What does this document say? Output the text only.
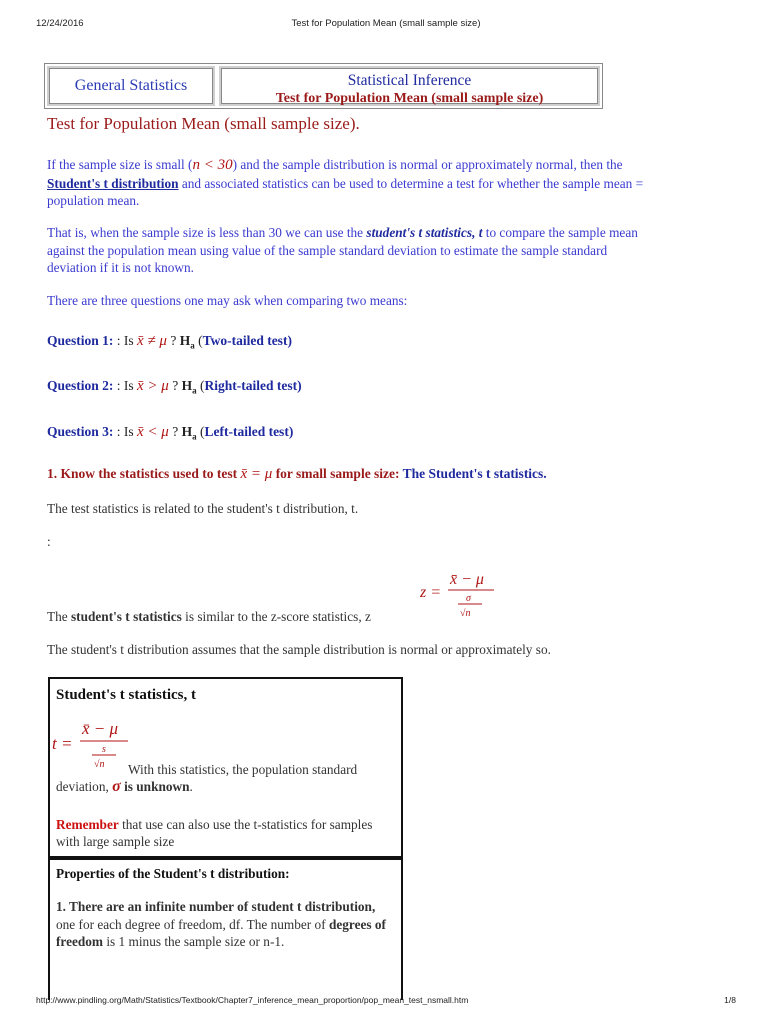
12/24/2016	Test for Population Mean (small sample size)
General Statistics	Statistical Inference
Test for Population Mean (small sample size)
Test for Population Mean (small sample size).
If the sample size is small (n < 30) and the sample distribution is normal or approximately normal, then the Student's t distribution and associated statistics can be used to determine a test for whether the sample mean = population mean.
That is, when the sample size is less than 30 we can use the student's t statistics, t to compare the sample mean against the population mean using value of the sample standard deviation to estimate the sample standard deviation if it is not known.
There are three questions one may ask when comparing two means:
Question 1: : Is x̄ ≠ μ ? $H_a$ (Two-tailed test)
Question 2: : Is x̄ > μ ? $H_a$ (Right-tailed test)
Question 3: : Is x̄ < μ ? $H_a$ (Left-tailed test)
1. Know the statistics used to test x̄ = μ for small sample size: The Student's t statistics.
The test statistics is related to the student's t distribution, t.
:
z =
x̄ − μ
σ
√n
The student's t statistics is similar to the z-score statistics, z
The student's t distribution assumes that the sample distribution is normal or approximately so.
Student's t statistics, t
t =
x̄ − μ
s
√n	With this statistics, the population standard deviation, σ is unknown.
Remember that use can also use the t-statistics for samples with large sample size
Properties of the Student's t distribution:
1. There are an infinite number of student t distribution, one for each degree of freedom, df. The number of degrees of freedom is 1 minus the sample size or n-1.
http://www.pindling.org/Math/Statistics/Textbook/Chapter7_inference_mean_proportion/pop_mean_test_nsmall.htm	1/8
